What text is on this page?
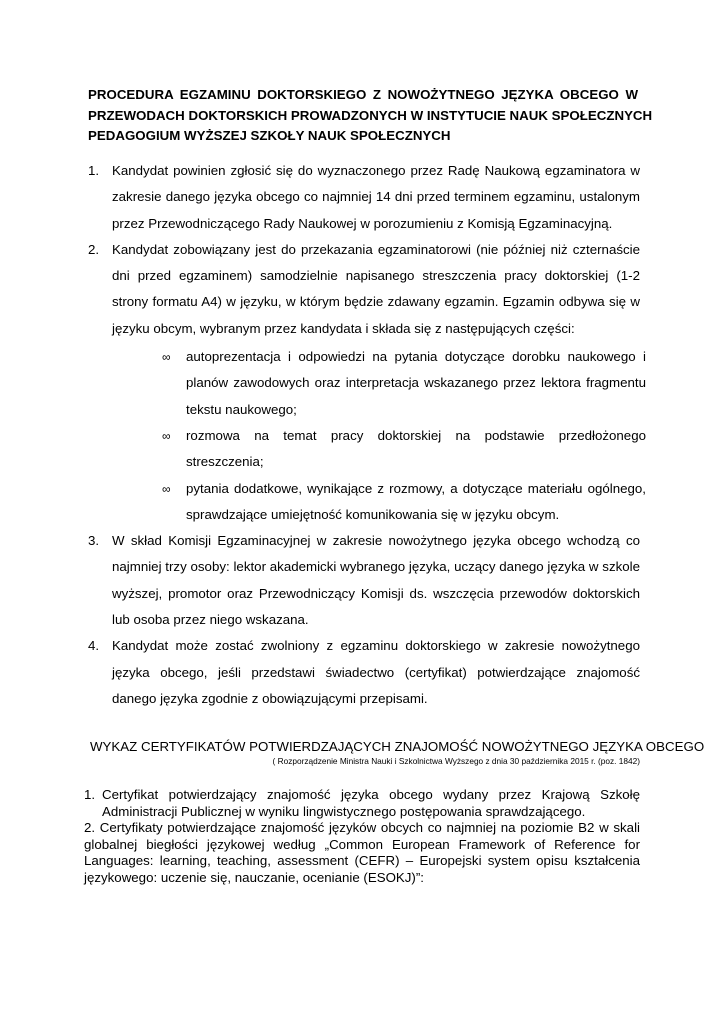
PROCEDURA EGZAMINU DOKTORSKIEGO Z NOWOŻYTNEGO JĘZYKA OBCEGO W
PRZEWODACH DOKTORSKICH PROWADZONYCH W INSTYTUCIE NAUK SPOŁECZNYCH
PEDAGOGIUM WYŻSZEJ SZKOŁY NAUK SPOŁECZNYCH
1. Kandydat powinien zgłosić się do wyznaczonego przez Radę Naukową egzaminatora w zakresie danego języka obcego co najmniej 14 dni przed terminem egzaminu, ustalonym przez Przewodniczącego Rady Naukowej w porozumieniu z Komisją Egzaminacyjną.
2. Kandydat zobowiązany jest do przekazania egzaminatorowi (nie później niż czternaście dni przed egzaminem) samodzielnie napisanego streszczenia pracy doktorskiej (1-2 strony formatu A4) w języku, w którym będzie zdawany egzamin. Egzamin odbywa się w języku obcym, wybranym przez kandydata i składa się z następujących części:
∞ autoprezentacja i odpowiedzi na pytania dotyczące dorobku naukowego i planów zawodowych oraz interpretacja wskazanego przez lektora fragmentu tekstu naukowego;
∞ rozmowa na temat pracy doktorskiej na podstawie przedłożonego streszczenia;
∞ pytania dodatkowe, wynikające z rozmowy, a dotyczące materiału ogólnego, sprawdzające umiejętność komunikowania się w języku obcym.
3. W skład Komisji Egzaminacyjnej w zakresie nowożytnego języka obcego wchodzą co najmniej trzy osoby: lektor akademicki wybranego języka, uczący danego języka w szkole wyższej, promotor oraz Przewodniczący Komisji ds. wszczęcia przewodów doktorskich lub osoba przez niego wskazana.
4. Kandydat może zostać zwolniony z egzaminu doktorskiego w zakresie nowożytnego języka obcego, jeśli przedstawi świadectwo (certyfikat) potwierdzające znajomość danego języka zgodnie z obowiązującymi przepisami.
WYKAZ CERTYFIKATÓW POTWIERDZAJĄCYCH ZNAJOMOŚĆ NOWOŻYTNEGO JĘZYKA OBCEGO
( Rozporządzenie Ministra Nauki i Szkolnictwa Wyższego z dnia 30 października 2015 r. (poz. 1842)
1. Certyfikat potwierdzający znajomość języka obcego wydany przez Krajową Szkołę Administracji Publicznej w wyniku lingwistycznego postępowania sprawdzającego.
2. Certyfikaty potwierdzające znajomość języków obcych co najmniej na poziomie B2 w skali globalnej biegłości językowej według „Common European Framework of Reference for Languages: learning, teaching, assessment (CEFR) – Europejski system opisu kształcenia językowego: uczenie się, nauczanie, ocenianie (ESOKJ)”:
